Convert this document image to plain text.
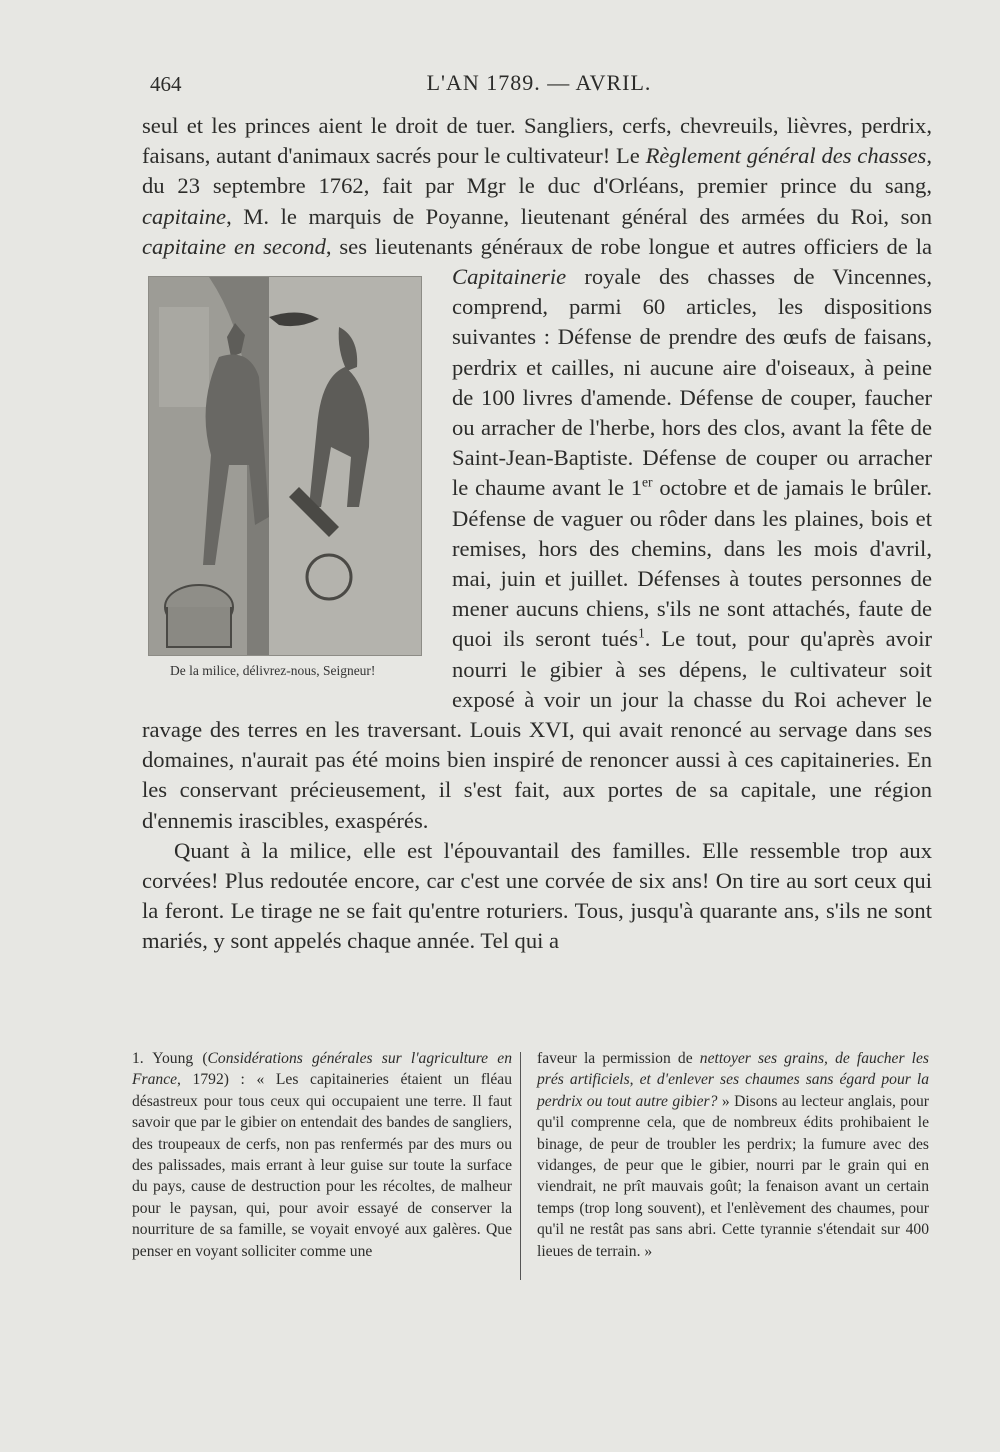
464	L'AN 1789. — AVRIL.

seul et les princes aient le droit de tuer. Sangliers, cerfs, chevreuils, lièvres, perdrix, faisans, autant d'animaux sacrés pour le cultivateur! Le Règlement général des chasses, du 23 septembre 1762, fait par Mgr le duc d'Orléans, premier prince du sang, capitaine, M. le marquis de Poyanne, lieutenant général des armées du Roi, son capitaine en second, ses lieutenants généraux de robe longue et autres officiers de la Capitainerie
De la milice, délivrez-nous, Seigneur!
royale des chasses de Vincennes, comprend, parmi 60 articles, les dispositions suivantes : Défense de prendre des œufs de faisans, perdrix et cailles, ni aucune aire d'oiseaux, à peine de 100 livres d'amende. Défense de couper, faucher ou arracher de l'herbe, hors des clos, avant la fête de Saint-Jean-Baptiste. Défense de couper ou arracher le chaume avant le 1er octobre et de jamais le brûler. Défense de vaguer ou rôder dans les plaines, bois et remises, hors des chemins, dans les mois d'avril, mai, juin et juillet. Défenses à toutes personnes de mener aucuns chiens, s'ils ne sont attachés, faute de quoi ils seront tués$^1$. Le tout, pour qu'après avoir nourri le gibier à ses dépens, le cultivateur soit exposé à voir un jour la chasse du Roi achever le ravage des terres en les traversant. Louis XVI, qui avait renoncé au servage dans ses domaines, n'aurait pas été moins bien inspiré de renoncer aussi à ces capitaineries. En les conservant précieusement, il s'est fait, aux portes de sa capitale, une région d'ennemis irascibles, exaspérés.

Quant à la milice, elle est l'épouvantail des familles. Elle ressemble trop aux corvées! Plus redoutée encore, car c'est une corvée de six ans! On tire au sort ceux qui la feront. Le tirage ne se fait qu'entre roturiers. Tous, jusqu'à quarante ans, s'ils ne sont mariés, y sont appelés chaque année. Tel qui a

1. Young (Considérations générales sur l'agriculture en France, 1792) : « Les capitaineries étaient un fléau désastreux pour tous ceux qui occupaient une terre. Il faut savoir que par le gibier on entendait des bandes de sangliers, des troupeaux de cerfs, non pas renfermés par des murs ou des palissades, mais errant à leur guise sur toute la surface du pays, cause de destruction pour les récoltes, de malheur pour le paysan, qui, pour avoir essayé de conserver la nourriture de sa famille, se voyait envoyé aux galères. Que penser en voyant solliciter comme une
faveur la permission de nettoyer ses grains, de faucher les prés artificiels, et d'enlever ses chaumes sans égard pour la perdrix ou tout autre gibier? » Disons au lecteur anglais, pour qu'il comprenne cela, que de nombreux édits prohibaient le binage, de peur de troubler les perdrix; la fumure avec des vidanges, de peur que le gibier, nourri par le grain qui en viendrait, ne prît mauvais goût; la fenaison avant un certain temps (trop long souvent), et l'enlèvement des chaumes, pour qu'il ne restât pas sans abri. Cette tyrannie s'étendait sur 400 lieues de terrain. »
